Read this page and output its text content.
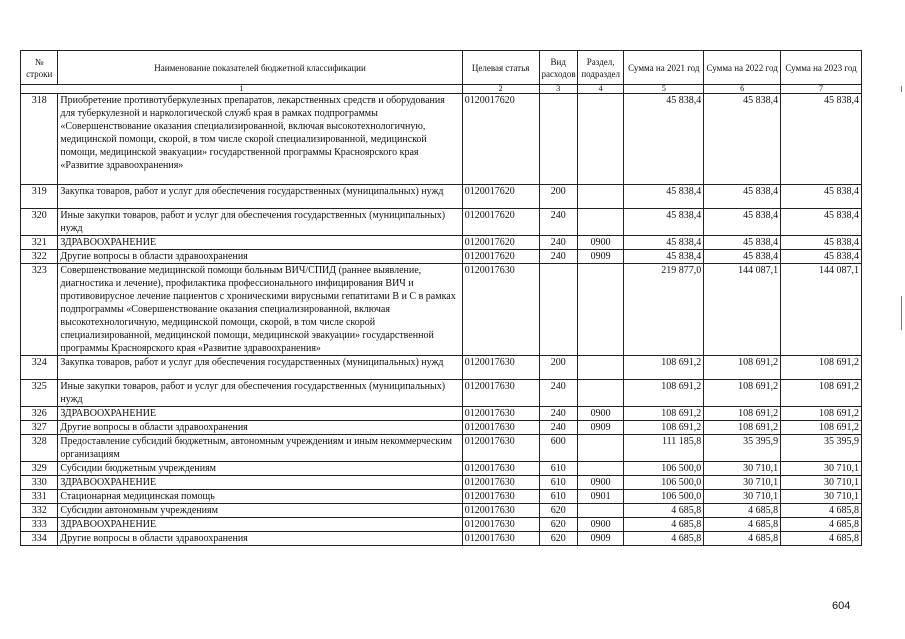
№ строки	Наименование показателей бюджетной классификации	Целевая статья	Вид расходов	Раздел, подраздел	Сумма на 2021 год	Сумма на 2022 год	Сумма на 2023 год
1		2	3	4	5	6	7
318	Приобретение противотуберкулезных препаратов, лекарственных средств и оборудования для туберкулезной и наркологической служб края в рамках подпрограммы «Совершенствование оказания специализированной, включая высокотехнологичную, медицинской помощи, скорой, в том числе скорой специализированной, медицинской помощи, медицинской эвакуации» государственной программы Красноярского края «Развитие здравоохранения»	0120017620			45 838,4	45 838,4	45 838,4
319	Закупка товаров, работ и услуг для обеспечения государственных (муниципальных) нужд	0120017620	200		45 838,4	45 838,4	45 838,4
320	Иные закупки товаров, работ и услуг для обеспечения государственных (муниципальных) нужд	0120017620	240		45 838,4	45 838,4	45 838,4
321	ЗДРАВООХРАНЕНИЕ	0120017620	240	0900	45 838,4	45 838,4	45 838,4
322	Другие вопросы в области здравоохранения	0120017620	240	0909	45 838,4	45 838,4	45 838,4
323	Совершенствование медицинской помощи больным ВИЧ/СПИД (раннее выявление, диагностика и лечение), профилактика профессионального инфицирования ВИЧ и противовирусное лечение пациентов с хроническими вирусными гепатитами В и С в рамках подпрограммы «Совершенствование оказания специализированной, включая высокотехнологичную, медицинской помощи, скорой, в том числе скорой специализированной, медицинской помощи, медицинской эвакуации» государственной программы Красноярского края «Развитие здравоохранения»	0120017630			219 877,0	144 087,1	144 087,1
324	Закупка товаров, работ и услуг для обеспечения государственных (муниципальных) нужд	0120017630	200		108 691,2	108 691,2	108 691,2
325	Иные закупки товаров, работ и услуг для обеспечения государственных (муниципальных) нужд	0120017630	240		108 691,2	108 691,2	108 691,2
326	ЗДРАВООХРАНЕНИЕ	0120017630	240	0900	108 691,2	108 691,2	108 691,2
327	Другие вопросы в области здравоохранения	0120017630	240	0909	108 691,2	108 691,2	108 691,2
328	Предоставление субсидий бюджетным, автономным учреждениям и иным некоммерческим организациям	0120017630	600		111 185,8	35 395,9	35 395,9
329	Субсидии бюджетным учреждениям	0120017630	610		106 500,0	30 710,1	30 710,1
330	ЗДРАВООХРАНЕНИЕ	0120017630	610	0900	106 500,0	30 710,1	30 710,1
331	Стационарная медицинская помощь	0120017630	610	0901	106 500,0	30 710,1	30 710,1
332	Субсидии автономным учреждениям	0120017630	620		4 685,8	4 685,8	4 685,8
333	ЗДРАВООХРАНЕНИЕ	0120017630	620	0900	4 685,8	4 685,8	4 685,8
334	Другие вопросы в области здравоохранения	0120017630	620	0909	4 685,8	4 685,8	4 685,8
604
